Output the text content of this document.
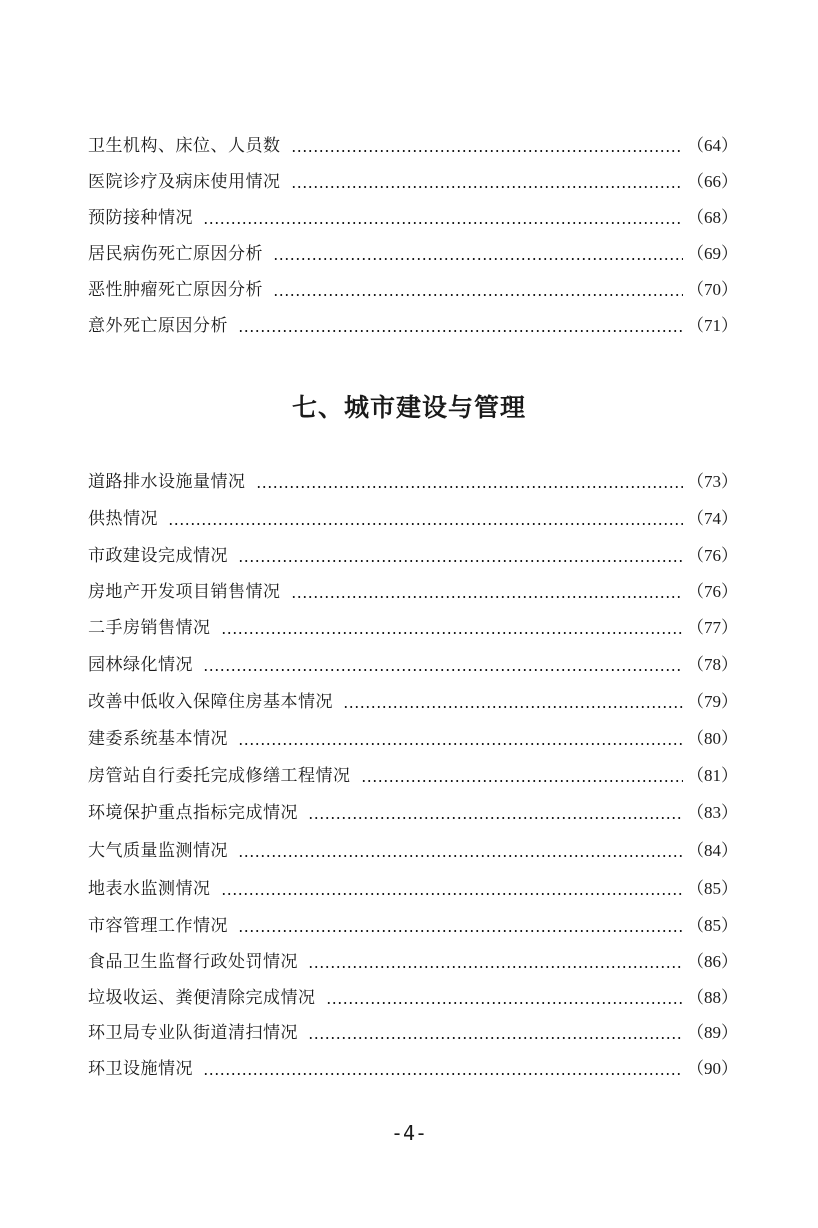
卫生机构、床位、人员数	（64）
医院诊疗及病床使用情况	（66）
预防接种情况	（68）
居民病伤死亡原因分析	（69）
恶性肿瘤死亡原因分析	（70）
意外死亡原因分析	（71）
七、城市建设与管理
道路排水设施量情况	（73）
供热情况	（74）
市政建设完成情况	（76）
房地产开发项目销售情况	（76）
二手房销售情况	（77）
园林绿化情况	（78）
改善中低收入保障住房基本情况	（79）
建委系统基本情况	（80）
房管站自行委托完成修缮工程情况	（81）
环境保护重点指标完成情况	（83）
大气质量监测情况	（84）
地表水监测情况	（85）
市容管理工作情况	（85）
食品卫生监督行政处罚情况	（86）
垃圾收运、粪便清除完成情况	（88）
环卫局专业队街道清扫情况	（89）
环卫设施情况	（90）
-4-
